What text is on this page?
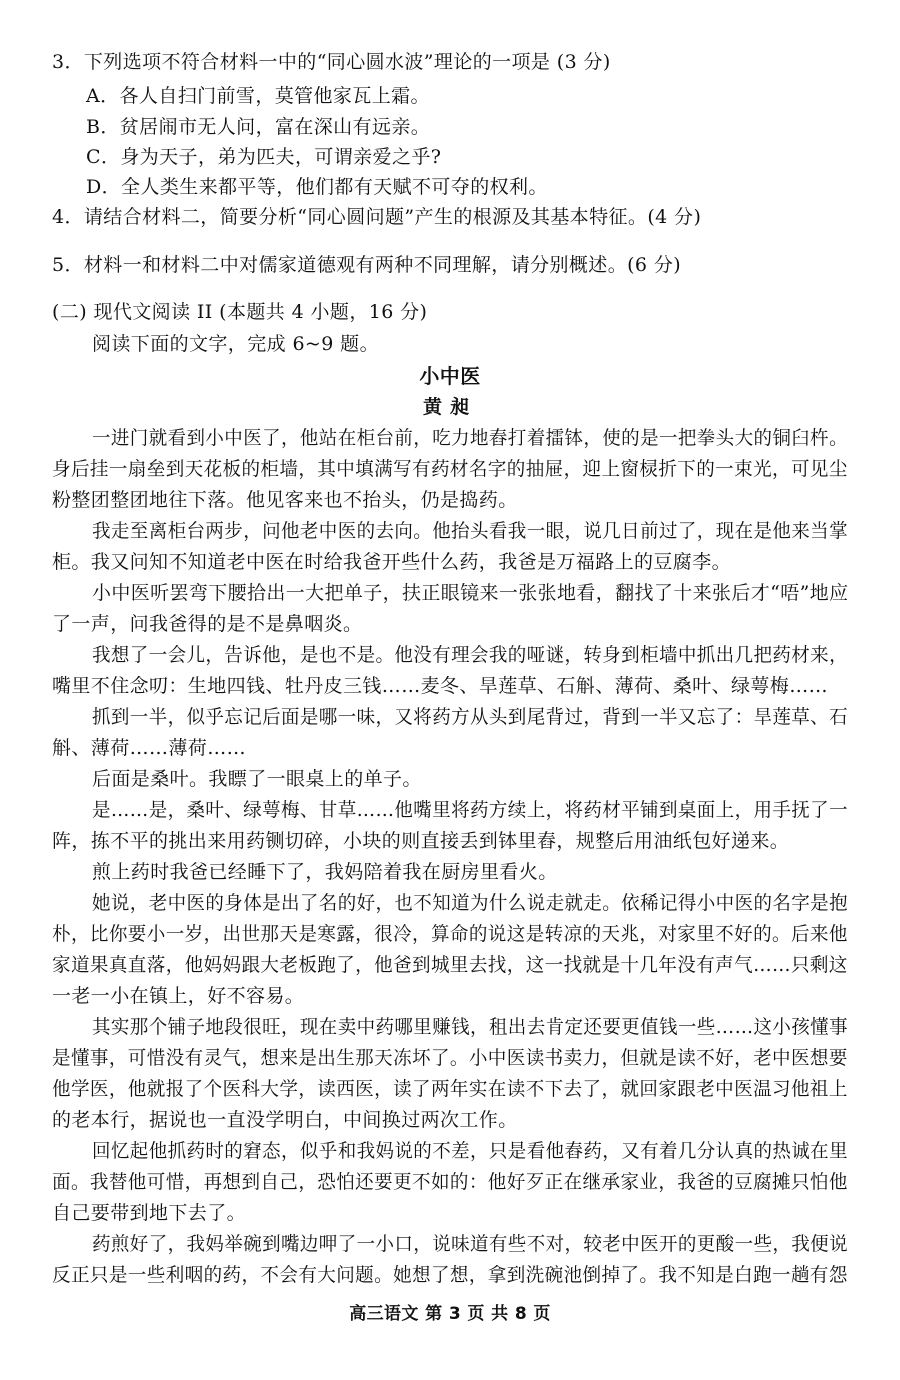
3．下列选项不符合材料一中的“同心圆水波”理论的一项是 (3 分)
A．各人自扫门前雪，莫管他家瓦上霜。
B．贫居闹市无人问，富在深山有远亲。
C．身为天子，弟为匹夫，可谓亲爱之乎?
D．全人类生来都平等，他们都有天赋不可夺的权利。
4．请结合材料二，简要分析“同心圆问题”产生的根源及其基本特征。(4 分)
5．材料一和材料二中对儒家道德观有两种不同理解，请分别概述。(6 分)
(二) 现代文阅读 II (本题共 4 小题，16 分)
阅读下面的文字，完成 6~9 题。
小中医
黄昶
一进门就看到小中医了，他站在柜台前，吃力地舂打着擂钵，使的是一把拳头大的铜臼杵。
身后挂一扇垒到天花板的柜墙，其中填满写有药材名字的抽屉，迎上窗棂折下的一束光，可见尘
粉整团整团地往下落。他见客来也不抬头，仍是捣药。
我走至离柜台两步，问他老中医的去向。他抬头看我一眼，说几日前过了，现在是他来当掌
柜。我又问知不知道老中医在时给我爸开些什么药，我爸是万福路上的豆腐李。
小中医听罢弯下腰拾出一大把单子，扶正眼镜来一张张地看，翻找了十来张后才“唔”地应
了一声，问我爸得的是不是鼻咽炎。
我想了一会儿，告诉他，是也不是。他没有理会我的哑谜，转身到柜墙中抓出几把药材来，
嘴里不住念叨：生地四钱、牡丹皮三钱……麦冬、旱莲草、石斛、薄荷、桑叶、绿萼梅……
抓到一半，似乎忘记后面是哪一味，又将药方从头到尾背过，背到一半又忘了：旱莲草、石
斛、薄荷……薄荷……
后面是桑叶。我瞟了一眼桌上的单子。
是……是，桑叶、绿萼梅、甘草……他嘴里将药方续上，将药材平铺到桌面上，用手抚了一
阵，拣不平的挑出来用药铡切碎，小块的则直接丢到钵里舂，规整后用油纸包好递来。
煎上药时我爸已经睡下了，我妈陪着我在厨房里看火。
她说，老中医的身体是出了名的好，也不知道为什么说走就走。依稀记得小中医的名字是抱
朴，比你要小一岁，出世那天是寒露，很冷，算命的说这是转凉的天兆，对家里不好的。后来他
家道果真直落，他妈妈跟大老板跑了，他爸到城里去找，这一找就是十几年没有声气……只剩这
一老一小在镇上，好不容易。
其实那个铺子地段很旺，现在卖中药哪里赚钱，租出去肯定还要更值钱一些……这小孩懂事
是懂事，可惜没有灵气，想来是出生那天冻坏了。小中医读书卖力，但就是读不好，老中医想要
他学医，他就报了个医科大学，读西医，读了两年实在读不下去了，就回家跟老中医温习他祖上
的老本行，据说也一直没学明白，中间换过两次工作。
回忆起他抓药时的窘态，似乎和我妈说的不差，只是看他舂药，又有着几分认真的热诚在里
面。我替他可惜，再想到自己，恐怕还要更不如的：他好歹正在继承家业，我爸的豆腐摊只怕他
自己要带到地下去了。
药煎好了，我妈举碗到嘴边呷了一小口，说味道有些不对，较老中医开的更酸一些，我便说
反正只是一些利咽的药，不会有大问题。她想了想，拿到洗碗池倒掉了。我不知是白跑一趟有怨
高三语文 第 3 页 共 8 页
